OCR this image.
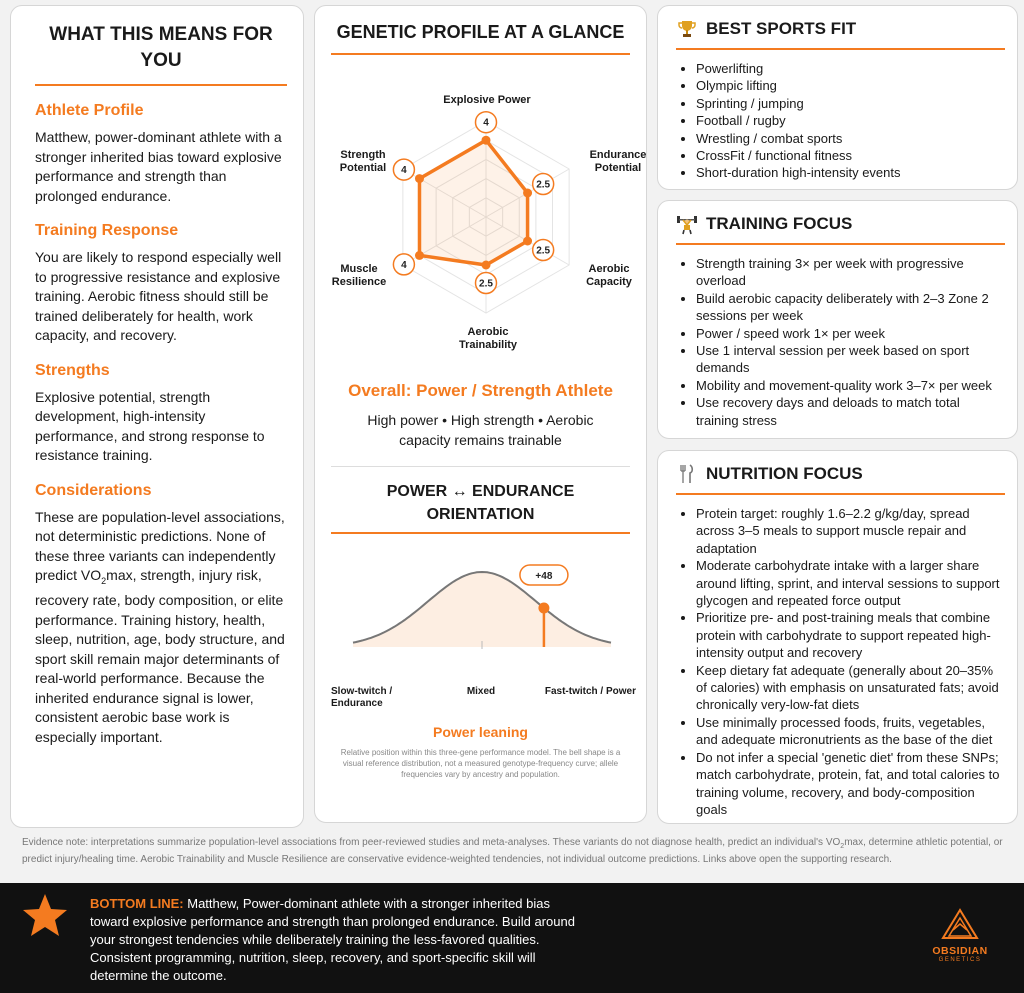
WHAT THIS MEANS FOR YOU
Athlete Profile

Matthew, power-dominant athlete with a stronger inherited bias toward explosive performance and strength than prolonged endurance.

Training Response

You are likely to respond especially well to progressive resistance and explosive training. Aerobic fitness should still be trained deliberately for health, work capacity, and recovery.

Strengths

Explosive potential, strength development, high-intensity performance, and strong response to resistance training.

Considerations

These are population-level associations, not deterministic predictions. None of these three variants can independently predict $VO_2\max$, strength, injury risk, recovery rate, body composition, or elite performance. Training history, health, sleep, nutrition, age, body structure, and sport skill remain major determinants of real-world performance. Because the inherited endurance signal is lower, consistent aerobic base work is especially important.

GENETIC PROFILE AT A GLANCE
4
2.5
2.5
2.5
4
4
Explosive Power
Endurance Potential
Aerobic Capacity
Aerobic Trainability
Muscle Resilience
Strength Potential
Overall: Power / Strength Athlete
High power • High strength • Aerobic capacity remains trainable
POWER ↔ ENDURANCE ORIENTATION
+48
Slow-twitch / Endurance
Mixed	Fast-twitch / Power
Power leaning
Relative position within this three-gene performance model. The bell shape is a visual reference distribution, not a measured genotype-frequency curve; allele frequencies vary by ancestry and population.
BEST SPORTS FIT
• Powerlifting
• Olympic lifting
• Sprinting / jumping
• Football / rugby
• Wrestling / combat sports
• CrossFit / functional fitness
• Short-duration high-intensity events
TRAINING FOCUS
• Strength training 3× per week with progressive overload
• Build aerobic capacity deliberately with 2–3 Zone 2 sessions per week
• Power / speed work 1× per week
• Use 1 interval session per week based on sport demands
• Mobility and movement-quality work 3–7× per week
• Use recovery days and deloads to match total training stress
NUTRITION FOCUS
• Protein target: roughly 1.6–2.2 g/kg/day, spread across 3–5 meals to support muscle repair and adaptation
• Moderate carbohydrate intake with a larger share around lifting, sprint, and interval sessions to support glycogen and repeated force output
• Prioritize pre- and post-training meals that combine protein with carbohydrate to support repeated high-intensity output and recovery
• Keep dietary fat adequate (generally about 20–35% of calories) with emphasis on unsaturated fats; avoid chronically very-low-fat diets
• Use minimally processed foods, fruits, vegetables, and adequate micronutrients as the base of the diet
• Do not infer a special 'genetic diet' from these SNPs; match carbohydrate, protein, fat, and total calories to training volume, recovery, and body-composition goals
Evidence note: interpretations summarize population-level associations from peer-reviewed studies and meta-analyses. These variants do not diagnose health, predict an individual's $VO_2\max$, determine athletic potential, or predict injury/healing time. Aerobic Trainability and Muscle Resilience are conservative evidence-weighted tendencies, not individual outcome predictions. Links above open the supporting research.
BOTTOM LINE: Matthew, Power-dominant athlete with a stronger inherited bias toward explosive performance and strength than prolonged endurance. Build around your strongest tendencies while deliberately training the less-favored qualities. Consistent programming, nutrition, sleep, recovery, and sport-specific skill will determine the outcome.
OBSIDIAN
GENETICS
